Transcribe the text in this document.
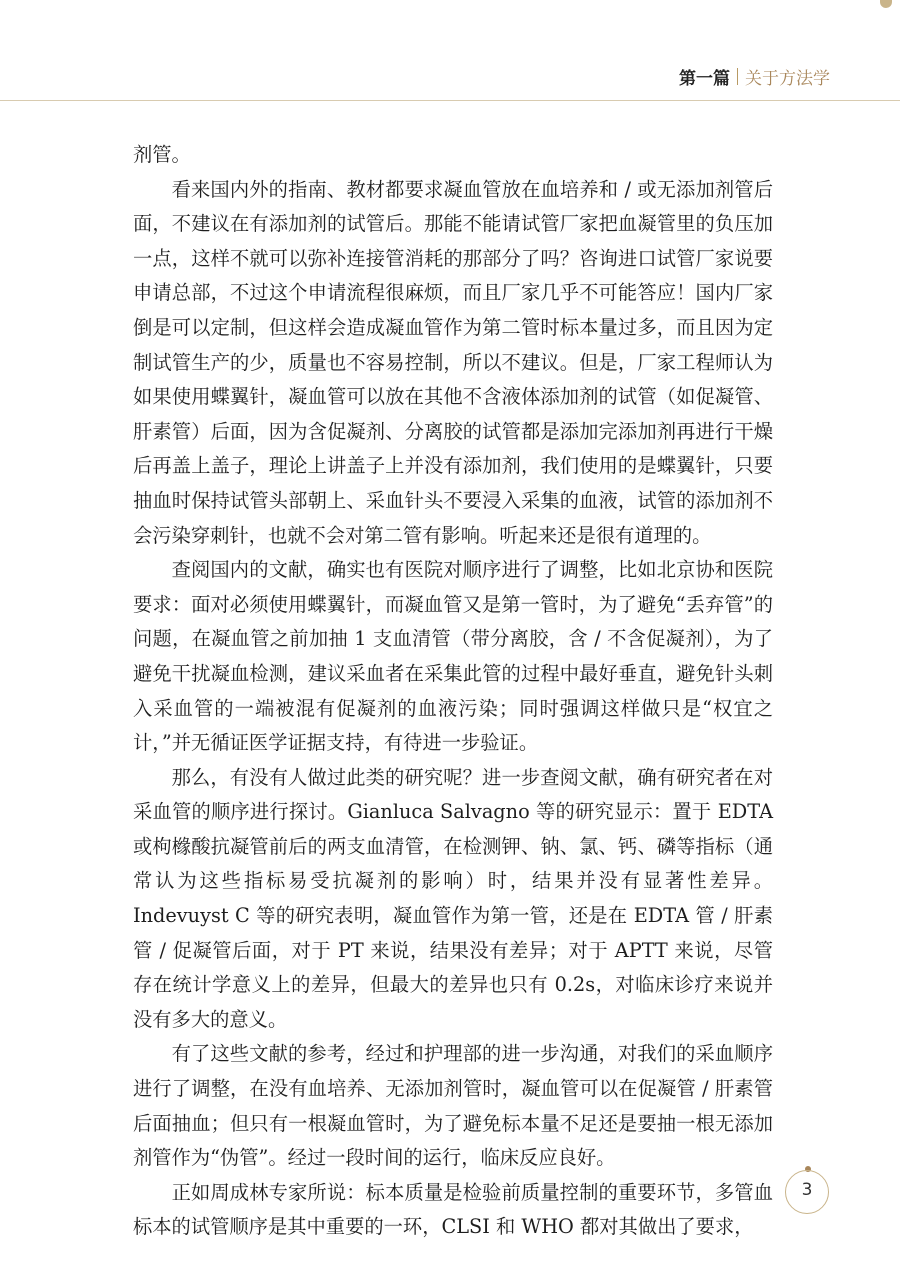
第一篇 关于方法学

剂管。

看来国内外的指南、教材都要求凝血管放在血培养和 / 或无添加剂管后面，不建议在有添加剂的试管后。那能不能请试管厂家把血凝管里的负压加一点，这样不就可以弥补连接管消耗的那部分了吗？咨询进口试管厂家说要申请总部，不过这个申请流程很麻烦，而且厂家几乎不可能答应！国内厂家倒是可以定制，但这样会造成凝血管作为第二管时标本量过多，而且因为定制试管生产的少，质量也不容易控制，所以不建议。但是，厂家工程师认为如果使用蝶翼针，凝血管可以放在其他不含液体添加剂的试管（如促凝管、肝素管）后面，因为含促凝剂、分离胶的试管都是添加完添加剂再进行干燥后再盖上盖子，理论上讲盖子上并没有添加剂，我们使用的是蝶翼针，只要抽血时保持试管头部朝上、采血针头不要浸入采集的血液，试管的添加剂不会污染穿刺针，也就不会对第二管有影响。听起来还是很有道理的。

查阅国内的文献，确实也有医院对顺序进行了调整，比如北京协和医院要求：面对必须使用蝶翼针，而凝血管又是第一管时，为了避免“丢弃管”的问题，在凝血管之前加抽 1 支血清管（带分离胶，含 / 不含促凝剂），为了避免干扰凝血检测，建议采血者在采集此管的过程中最好垂直，避免针头刺入采血管的一端被混有促凝剂的血液污染；同时强调这样做只是“权宜之计，”并无循证医学证据支持，有待进一步验证。

那么，有没有人做过此类的研究呢？进一步查阅文献，确有研究者在对采血管的顺序进行探讨。Gianluca Salvagno 等的研究显示：置于 EDTA 或枸橼酸抗凝管前后的两支血清管，在检测钾、钠、氯、钙、磷等指标（通常认为这些指标易受抗凝剂的影响）时，结果并没有显著性差异。Indevuyst C 等的研究表明，凝血管作为第一管，还是在 EDTA 管 / 肝素管 / 促凝管后面，对于 PT 来说，结果没有差异；对于 APTT 来说，尽管存在统计学意义上的差异，但最大的差异也只有 0.2s，对临床诊疗来说并没有多大的意义。

有了这些文献的参考，经过和护理部的进一步沟通，对我们的采血顺序进行了调整，在没有血培养、无添加剂管时，凝血管可以在促凝管 / 肝素管后面抽血；但只有一根凝血管时，为了避免标本量不足还是要抽一根无添加剂管作为“伪管”。经过一段时间的运行，临床反应良好。

正如周成林专家所说：标本质量是检验前质量控制的重要环节，多管血标本的试管顺序是其中重要的一环，CLSI 和 WHO 都对其做出了要求，

3
